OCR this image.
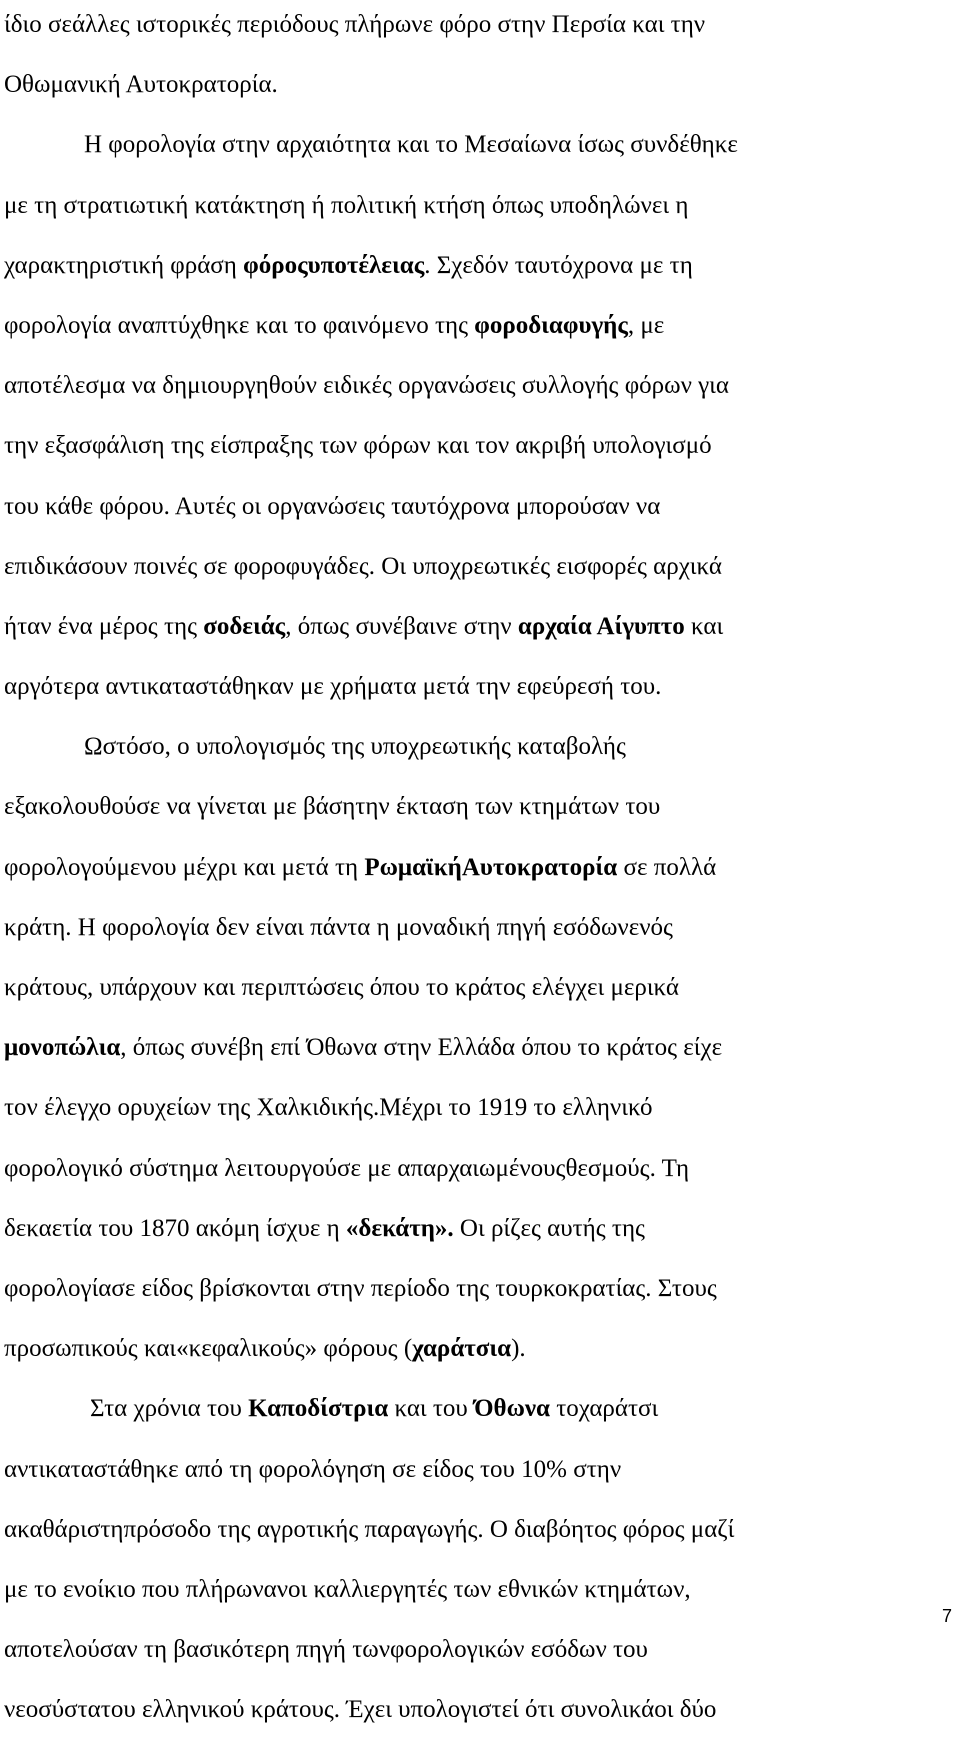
ίδιο σεάλλες ιστορικές περιόδους πλήρωνε φόρο στην Περσία και την
Οθωμανική Αυτοκρατορία.
Η φορολογία στην αρχαιότητα και το Μεσαίωνα ίσως συνδέθηκε
με τη στρατιωτική κατάκτηση ή πολιτική κτήση όπως υποδηλώνει η
χαρακτηριστική φράση φόροςυποτέλειας. Σχεδόν ταυτόχρονα με τη
φορολογία αναπτύχθηκε και το φαινόμενο της φοροδιαφυγής, με
αποτέλεσμα να δημιουργηθούν ειδικές οργανώσεις συλλογής φόρων για
την εξασφάλιση της είσπραξης των φόρων και τον ακριβή υπολογισμό
του κάθε φόρου. Αυτές οι οργανώσεις ταυτόχρονα μπορούσαν να
επιδικάσουν ποινές σε φοροφυγάδες. Οι υποχρεωτικές εισφορές αρχικά
ήταν ένα μέρος της σοδειάς, όπως συνέβαινε στην αρχαία Αίγυπτο και
αργότερα αντικαταστάθηκαν με χρήματα μετά την εφεύρεσή του.
Ωστόσο, ο υπολογισμός της υποχρεωτικής καταβολής
εξακολουθούσε να γίνεται με βάσητην έκταση των κτημάτων του
φορολογούμενου μέχρι και μετά τη ΡωμαϊκήΑυτοκρατορία σε πολλά
κράτη. Η φορολογία δεν είναι πάντα η μοναδική πηγή εσόδωνενός
κράτους, υπάρχουν και περιπτώσεις όπου το κράτος ελέγχει μερικά
μονοπώλια, όπως συνέβη επί Όθωνα στην Ελλάδα όπου το κράτος είχε
τον έλεγχο ορυχείων της Χαλκιδικής.Μέχρι το 1919 το ελληνικό
φορολογικό σύστημα λειτουργούσε με απαρχαιωμένουςθεσμούς. Τη
δεκαετία του 1870 ακόμη ίσχυε η «δεκάτη». Οι ρίζες αυτής της
φορολογίασε είδος βρίσκονται στην περίοδο της τουρκοκρατίας. Στους
προσωπικούς και«κεφαλικούς» φόρους (χαράτσια).
Στα χρόνια του Καποδίστρια και του Όθωνα τοχαράτσι
αντικαταστάθηκε από τη φορολόγηση σε είδος του 10% στην
ακαθάριστηπρόσοδο της αγροτικής παραγωγής. Ο διαβόητος φόρος μαζί
με το ενοίκιο που πλήρωνανοι καλλιεργητές των εθνικών κτημάτων,
αποτελούσαν τη βασικότερη πηγή τωνφορολογικών εσόδων του
νεοσύστατου ελληνικού κράτους. Έχει υπολογιστεί ότι συνολικάοι δύο
7
